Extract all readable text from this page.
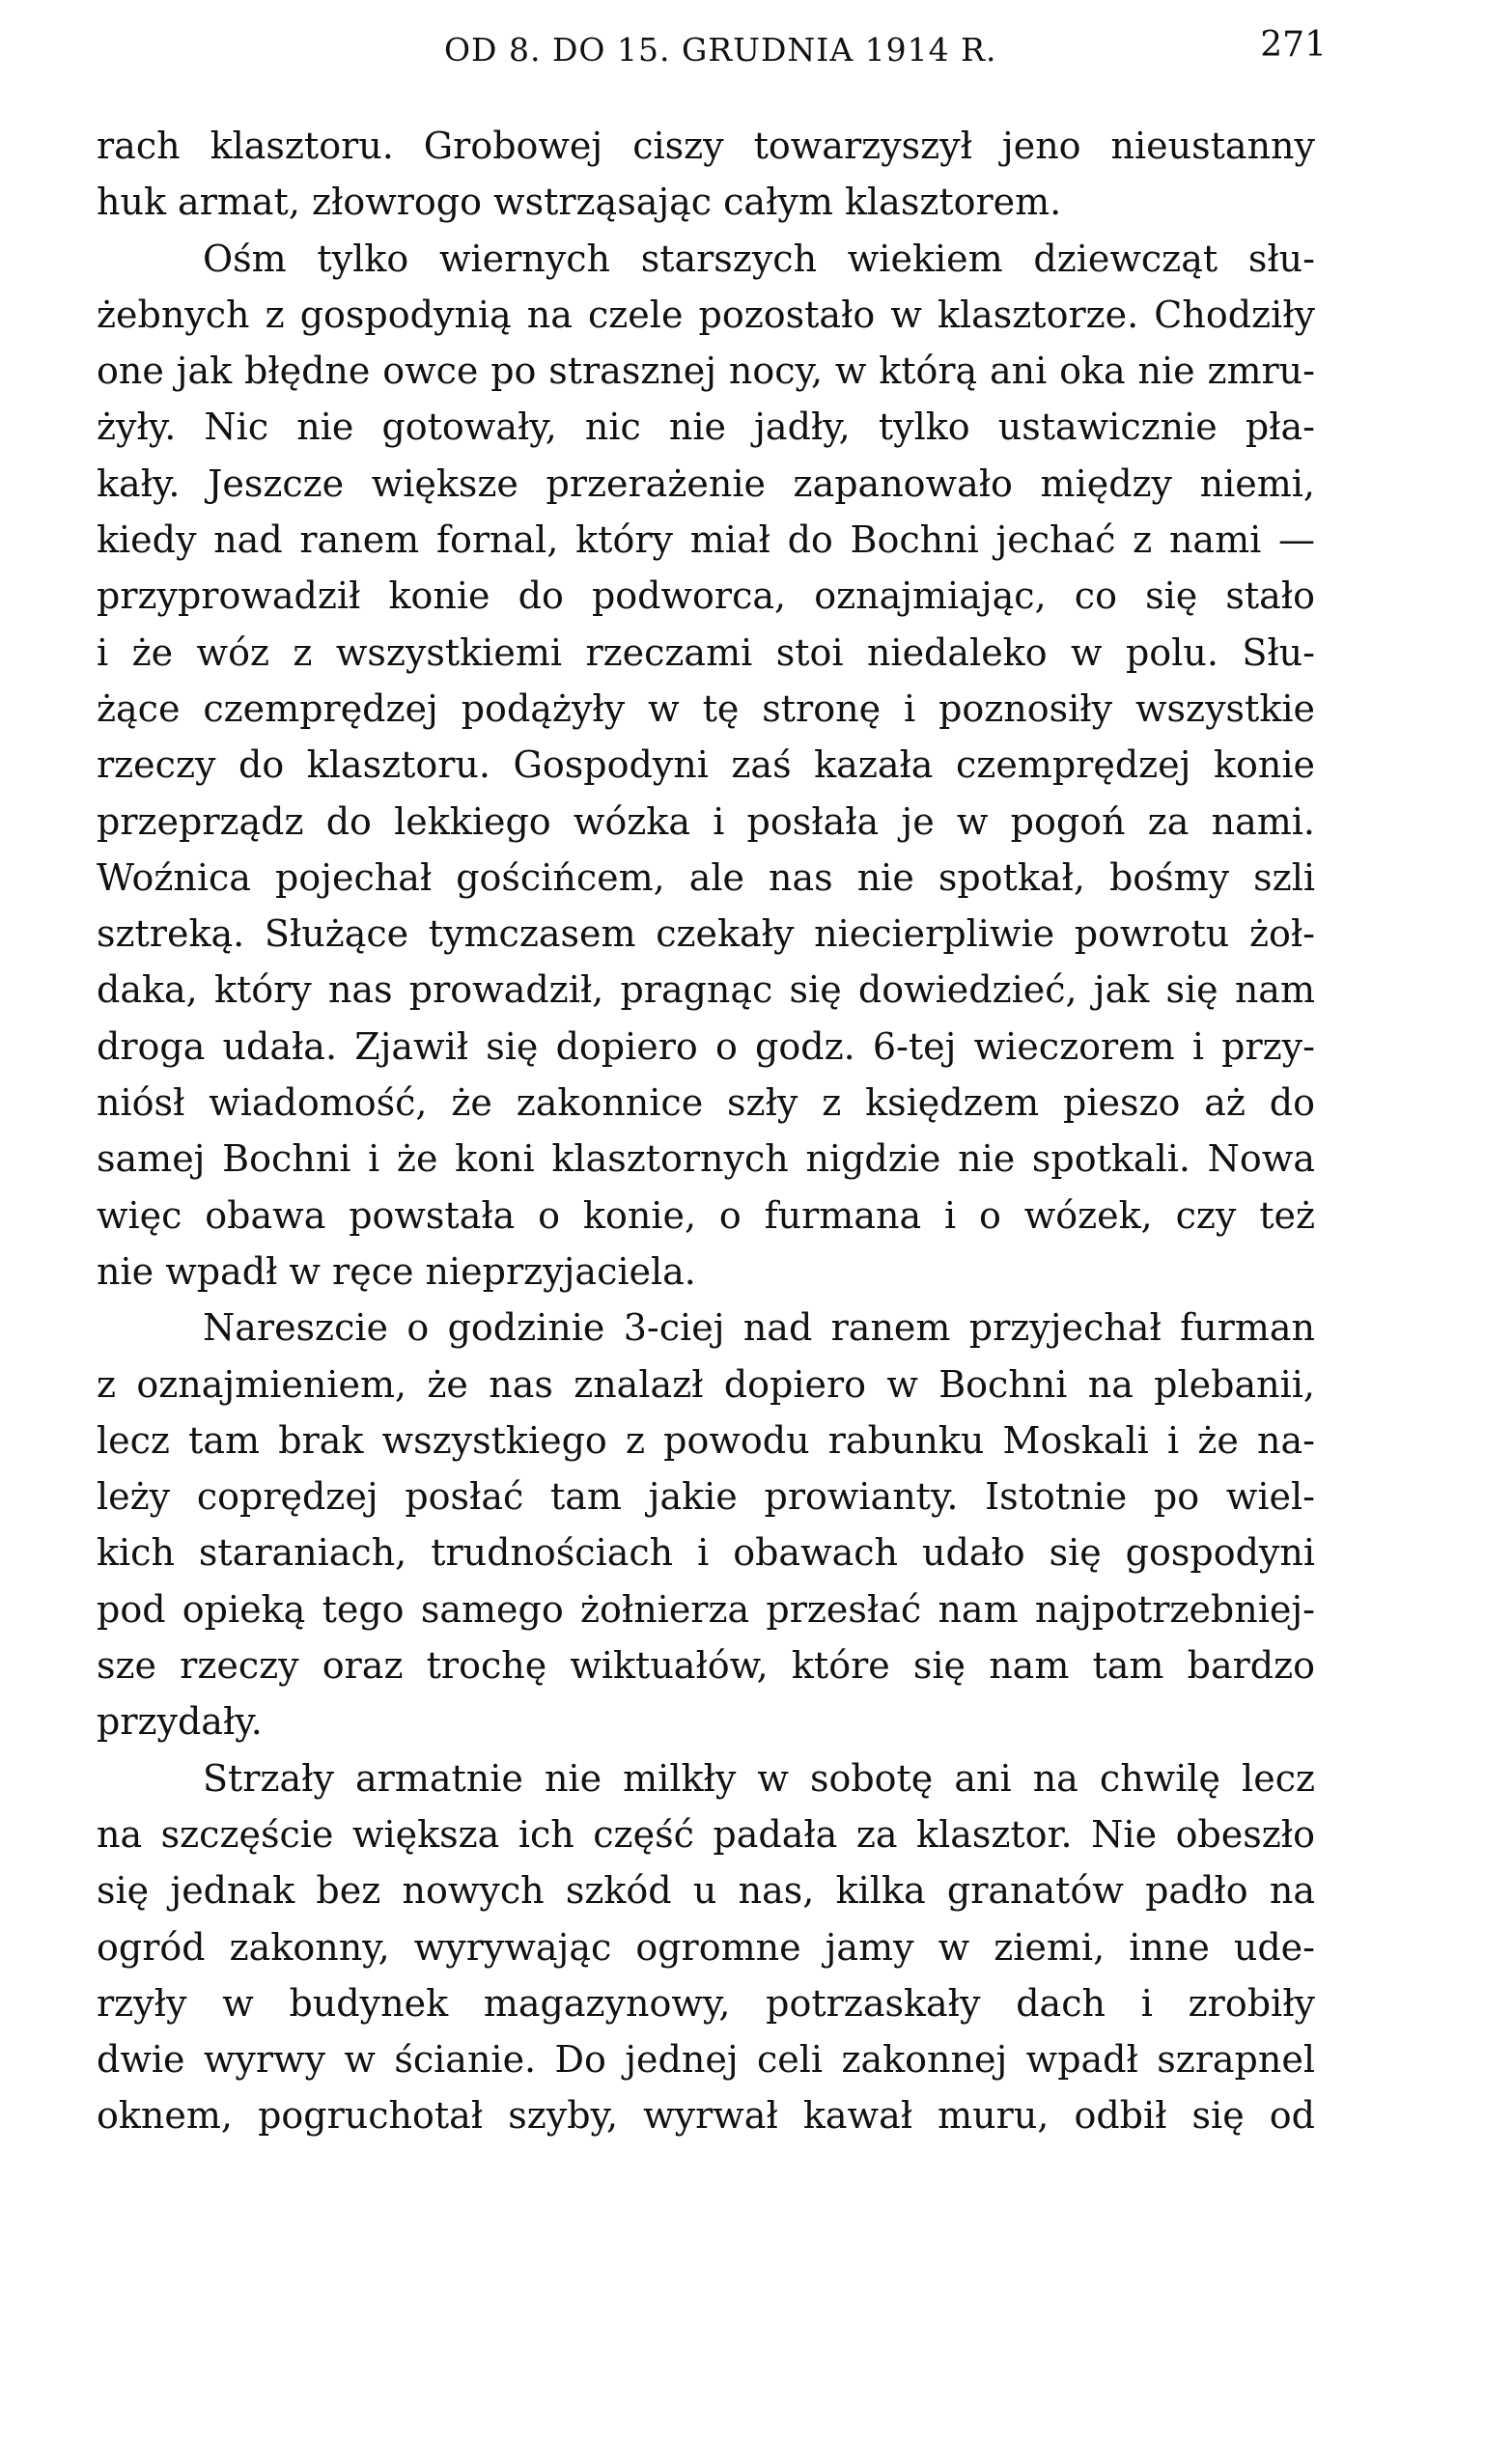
OD 8. DO 15. GRUDNIA 1914 R.	271
rach klasztoru. Grobowej ciszy towarzyszył jeno nieustanny
huk armat, złowrogo wstrząsając całym klasztorem.
Ośm tylko wiernych starszych wiekiem dziewcząt słu-
żebnych z gospodynią na czele pozostało w klasztorze. Chodziły
one jak błędne owce po strasznej nocy, w którą ani oka nie zmru-
żyły. Nic nie gotowały, nic nie jadły, tylko ustawicznie pła-
kały. Jeszcze większe przerażenie zapanowało między niemi,
kiedy nad ranem fornal, który miał do Bochni jechać z nami —
przyprowadził konie do podworca, oznajmiając, co się stało
i że wóz z wszystkiemi rzeczami stoi niedaleko w polu. Słu-
żące czemprędzej podążyły w tę stronę i poznosiły wszystkie
rzeczy do klasztoru. Gospodyni zaś kazała czemprędzej konie
przeprządz do lekkiego wózka i posłała je w pogoń za nami.
Woźnica pojechał gościńcem, ale nas nie spotkał, bośmy szli
sztreką. Służące tymczasem czekały niecierpliwie powrotu żoł-
daka, który nas prowadził, pragnąc się dowiedzieć, jak się nam
droga udała. Zjawił się dopiero o godz. 6-tej wieczorem i przy-
niósł wiadomość, że zakonnice szły z księdzem pieszo aż do
samej Bochni i że koni klasztornych nigdzie nie spotkali. Nowa
więc obawa powstała o konie, o furmana i o wózek, czy też
nie wpadł w ręce nieprzyjaciela.
Nareszcie o godzinie 3-ciej nad ranem przyjechał furman
z oznajmieniem, że nas znalazł dopiero w Bochni na plebanii,
lecz tam brak wszystkiego z powodu rabunku Moskali i że na-
leży coprędzej posłać tam jakie prowianty. Istotnie po wiel-
kich staraniach, trudnościach i obawach udało się gospodyni
pod opieką tego samego żołnierza przesłać nam najpotrzebniej-
sze rzeczy oraz trochę wiktuałów, które się nam tam bardzo
przydały.
Strzały armatnie nie milkły w sobotę ani na chwilę lecz
na szczęście większa ich część padała za klasztor. Nie obeszło
się jednak bez nowych szkód u nas, kilka granatów padło na
ogród zakonny, wyrywając ogromne jamy w ziemi, inne ude-
rzyły w budynek magazynowy, potrzaskały dach i zrobiły
dwie wyrwy w ścianie. Do jednej celi zakonnej wpadł szrapnel
oknem, pogruchotał szyby, wyrwał kawał muru, odbił się od
